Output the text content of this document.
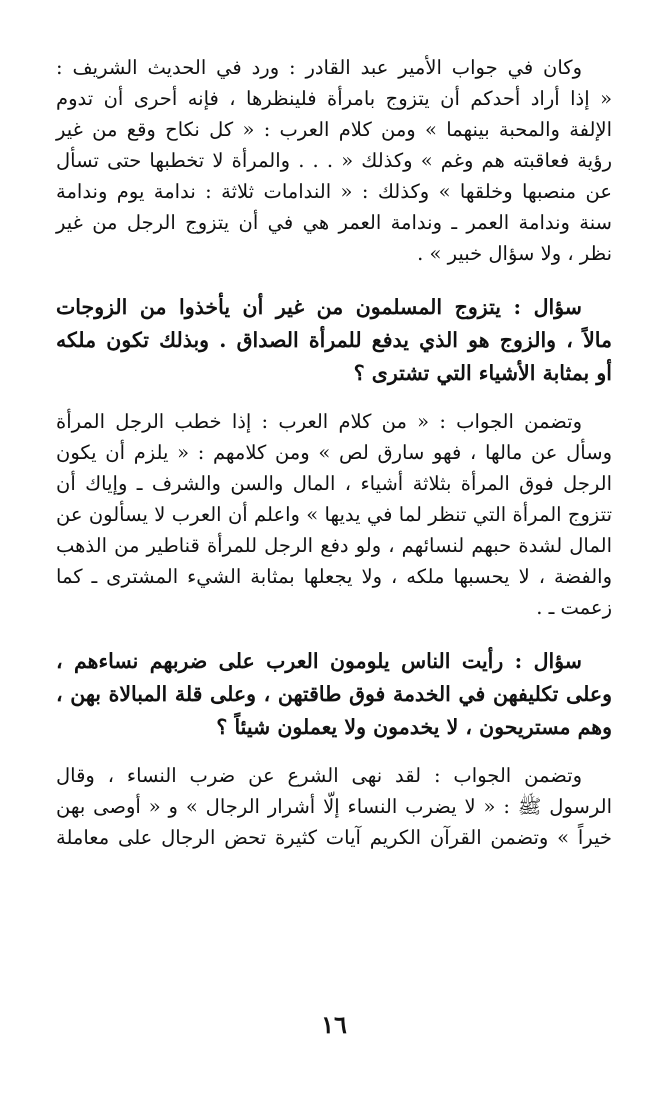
وكان في جواب الأمير عبد القادر : ورد في الحديث الشريف :
« إذا أراد أحدكم أن يتزوج بامرأة فلينظرها ، فإنه أحرى أن تدوم
الإلفة والمحبة بينهما » ومن كلام العرب : « كل نكاح وقع من غير
رؤية فعاقبته هم وغم » وكذلك « . . . والمرأة لا تخطبها حتى تسأل
عن منصبها وخلقها » وكذلك : « الندامات ثلاثة : ندامة يوم وندامة
سنة وندامة العمر ـ وندامة العمر هي في أن يتزوج الرجل من غير
نظر ، ولا سؤال خبير » .
سؤال : يتزوج المسلمون من غير أن يأخذوا من الزوجات
مالاً ، والزوج هو الذي يدفع للمرأة الصداق . وبذلك تكون ملكه
أو بمثابة الأشياء التي تشترى ؟
وتضمن الجواب : « من كلام العرب : إذا خطب الرجل المرأة
وسأل عن مالها ، فهو سارق لص » ومن كلامهم : « يلزم أن يكون
الرجل فوق المرأة بثلاثة أشياء ، المال والسن والشرف ـ وإياك أن
تتزوج المرأة التي تنظر لما في يديها » واعلم أن العرب لا يسألون عن
المال لشدة حبهم لنسائهم ، ولو دفع الرجل للمرأة قناطير من الذهب
والفضة ، لا يحسبها ملكه ، ولا يجعلها بمثابة الشيء المشترى ـ كما
زعمت ـ .
سؤال : رأيت الناس يلومون العرب على ضربهم نساءهم ،
وعلى تكليفهن في الخدمة فوق طاقتهن ، وعلى قلة المبالاة بهن ،
وهم مستريحون ، لا يخدمون ولا يعملون شيئاً ؟
وتضمن الجواب : لقد نهى الشرع عن ضرب النساء ، وقال
الرسول ﷺ : « لا يضرب النساء إلّا أشرار الرجال » و « أوصى بهن
خيراً » وتضمن القرآن الكريم آيات كثيرة تحض الرجال على معاملة
١٦
